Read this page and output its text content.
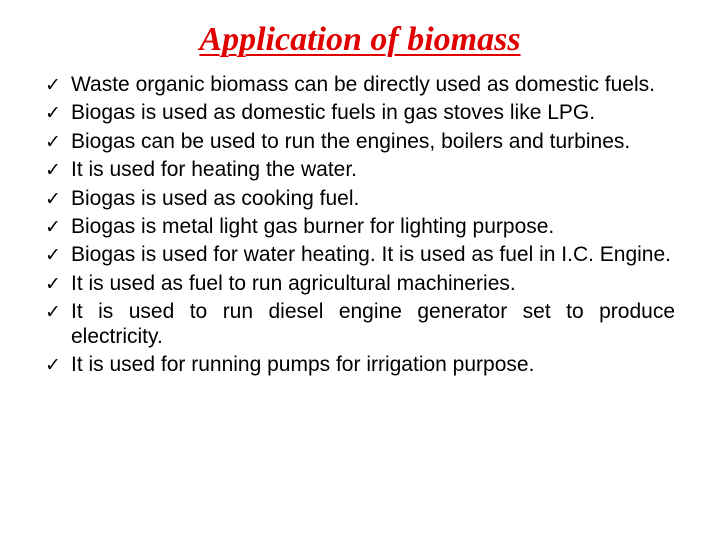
Application of biomass
✓ Waste organic biomass can be directly used as domestic fuels.
✓ Biogas is used as domestic fuels in gas stoves like LPG.
✓ Biogas can be used to run the engines, boilers and turbines.
✓ It is used for heating the water.
✓ Biogas is used as cooking fuel.
✓ Biogas is metal light gas burner for lighting purpose.
✓ Biogas is used for water heating. It is used as fuel in I.C. Engine.
✓ It is used as fuel to run agricultural machineries.
✓ It is used to run diesel engine generator set to produce electricity.
✓ It is used for running pumps for irrigation purpose.
